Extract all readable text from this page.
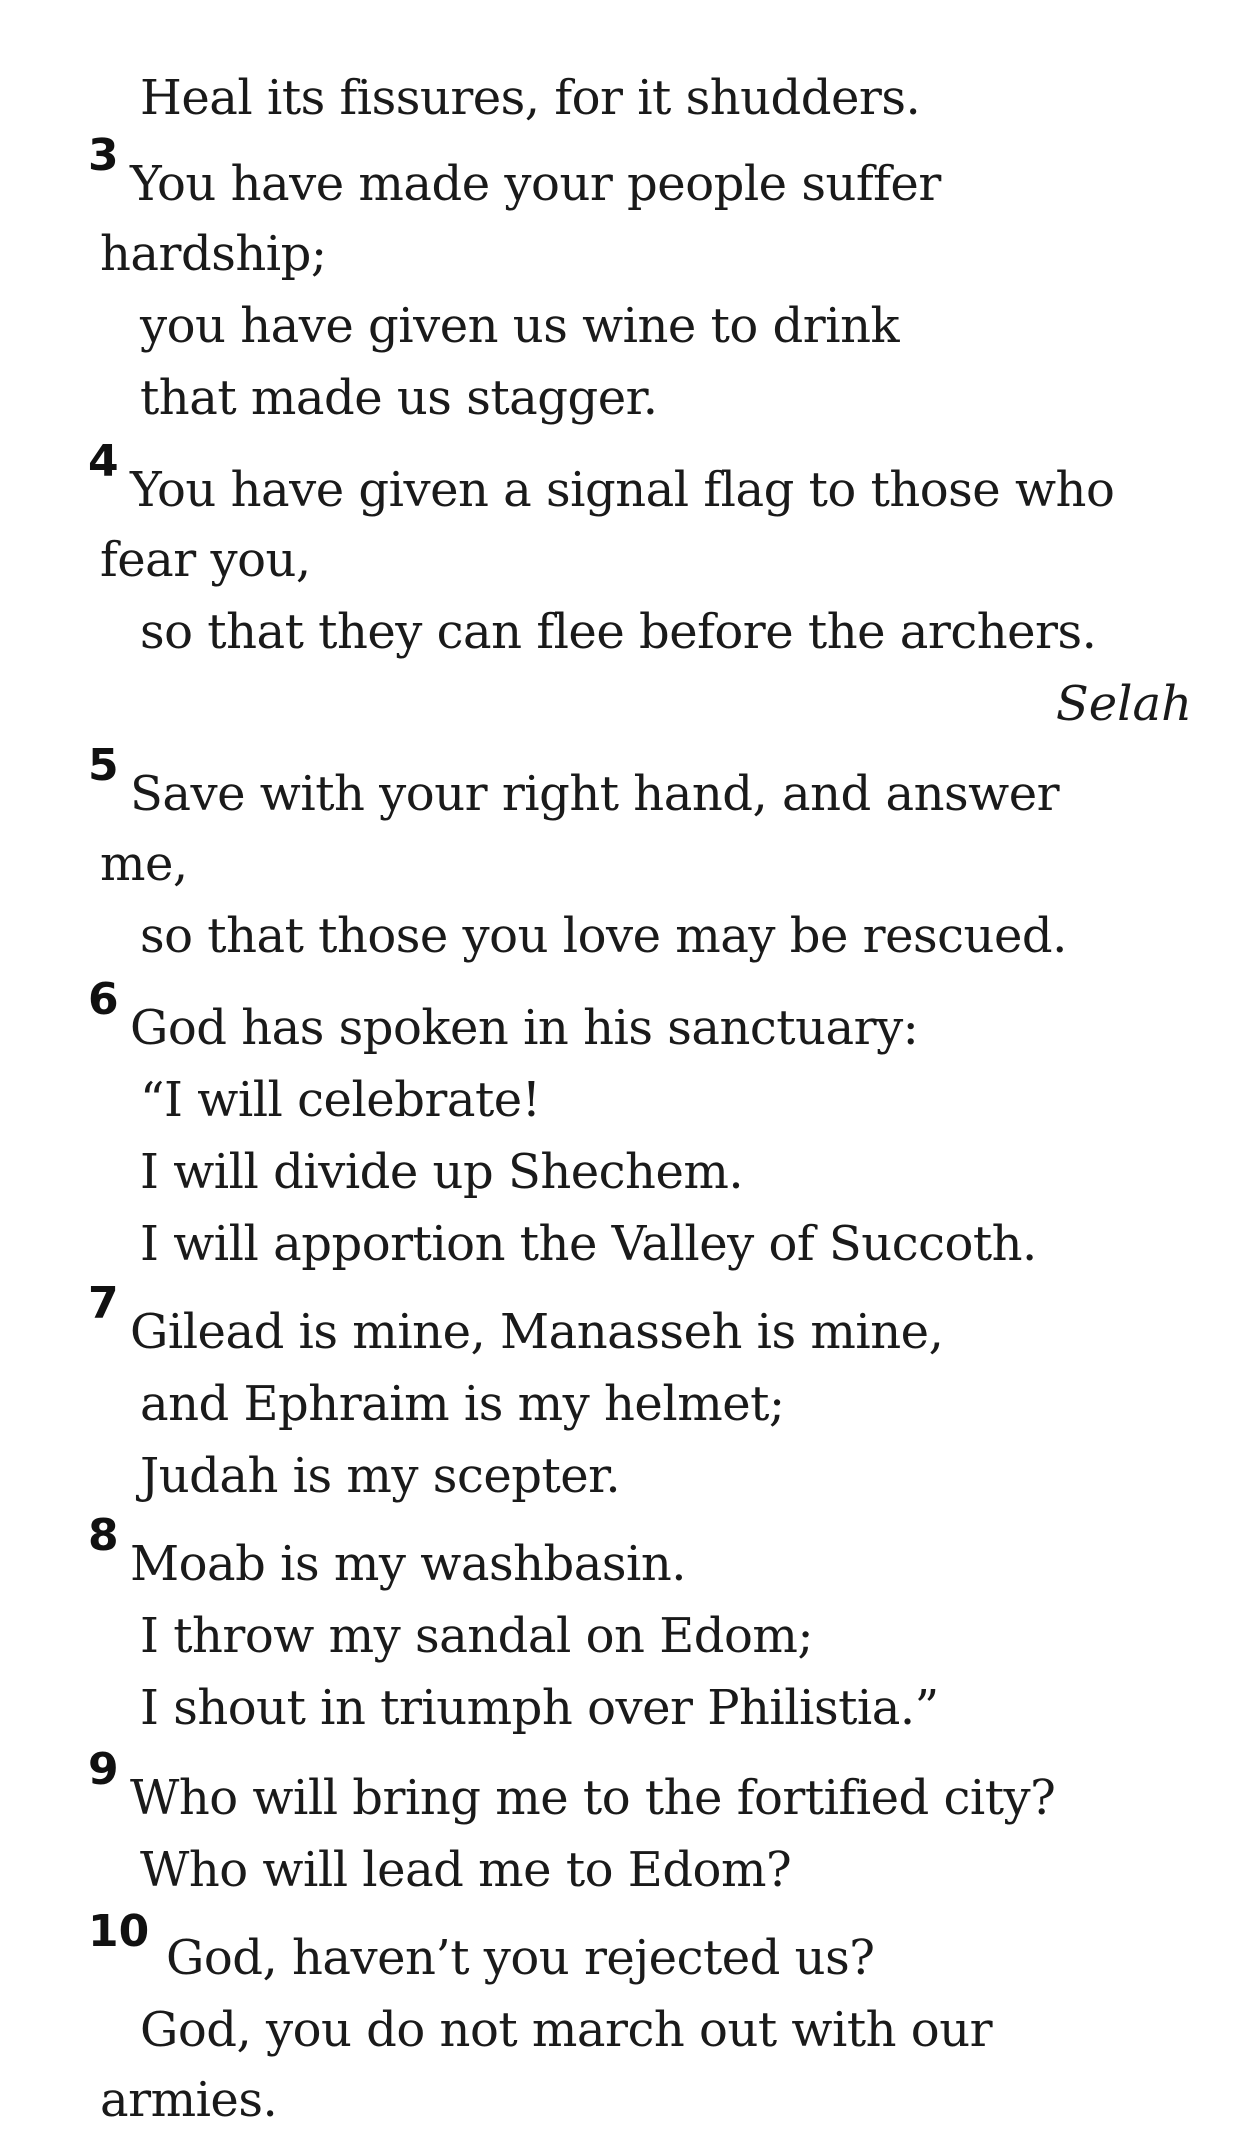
Heal its fissures, for it shudders.
3
You have made your people suffer
hardship;
you have given us wine to drink
that made us stagger.
4
You have given a signal flag to those who
fear you,
so that they can flee before the archers.
Selah
5
Save with your right hand, and answer
me,
so that those you love may be rescued.
6
God has spoken in his sanctuary:
“I will celebrate!
I will divide up Shechem.
I will apportion the Valley of Succoth.
7
Gilead is mine, Manasseh is mine,
and Ephraim is my helmet;
Judah is my scepter.
8
Moab is my washbasin.
I throw my sandal on Edom;
I shout in triumph over Philistia.”
9
Who will bring me to the fortified city?
Who will lead me to Edom?
10 God, haven’t you rejected us?
God, you do not march out with our
armies.
